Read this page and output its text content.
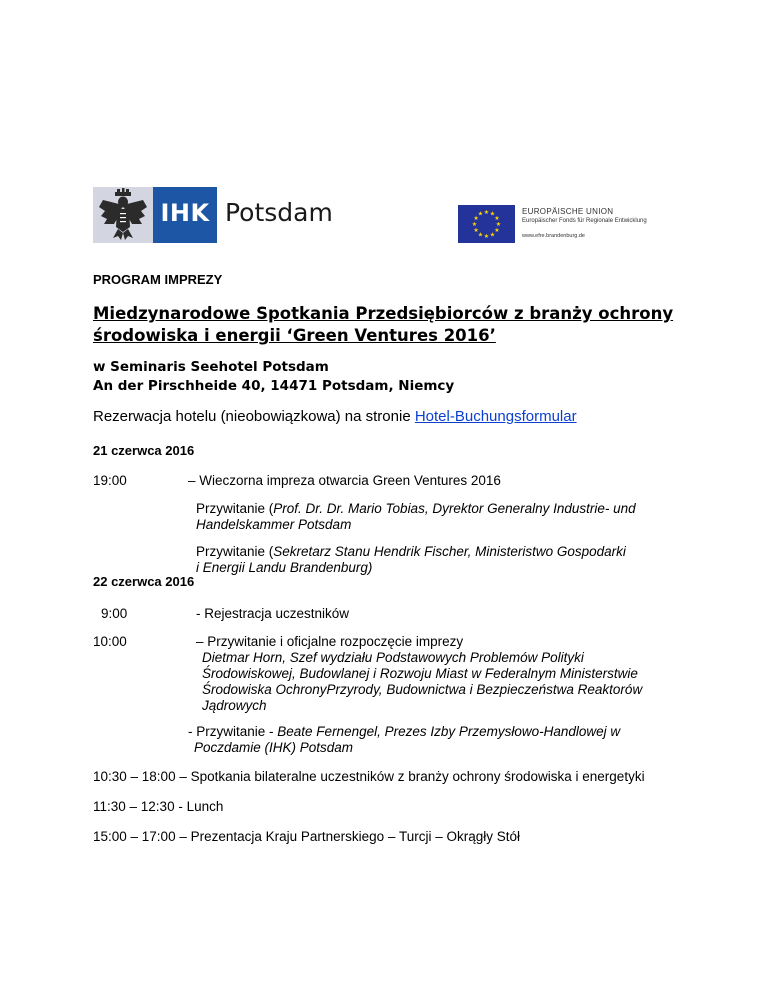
IHK Potsdam	★ ★
★
★
★
★
★
★
★
★
★
★	EUROPÄISCHE UNION
Europäischer Fonds für Regionale Entwicklung
www.efre.brandenburg.de
PROGRAM IMPREZY
Miedzynarodowe Spotkania Przedsiębiorców z branży ochrony
środowiska i energii ‘Green Ventures 2016’
w Seminaris Seehotel Potsdam
An der Pirschheide 40, 14471 Potsdam, Niemcy
Rezerwacja hotelu (nieobowiązkowa) na stronie Hotel-Buchungsformular
21 czerwca 2016
19:00	– Wieczorna impreza otwarcia Green Ventures 2016
Przywitanie (Prof. Dr. Dr. Mario Tobias, Dyrektor Generalny Industrie- und
Handelskammer Potsdam
Przywitanie (Sekretarz Stanu Hendrik Fischer, Ministeristwo Gospodarki
i Energii Landu Brandenburg)
22 czerwca 2016
9:00	- Rejestracja uczestników
10:00	– Przywitanie i oficjalne rozpoczęcie imprezy
Dietmar Horn, Szef wydziału Podstawowych Problemów Polityki
Środowiskowej, Budowlanej i Rozwoju Miast w Federalnym Ministerstwie
Środowiska OchronyPrzyrody, Budownictwa i Bezpieczeństwa Reaktorów
Jądrowych
- Przywitanie - Beate Fernengel, Prezes Izby Przemysłowo-Handlowej w
Poczdamie (IHK) Potsdam
10:30 – 18:00 – Spotkania bilateralne uczestników z branży ochrony środowiska i energetyki
11:30 – 12:30 - Lunch
15:00 – 17:00 – Prezentacja Kraju Partnerskiego – Turcji – Okrągły Stół
